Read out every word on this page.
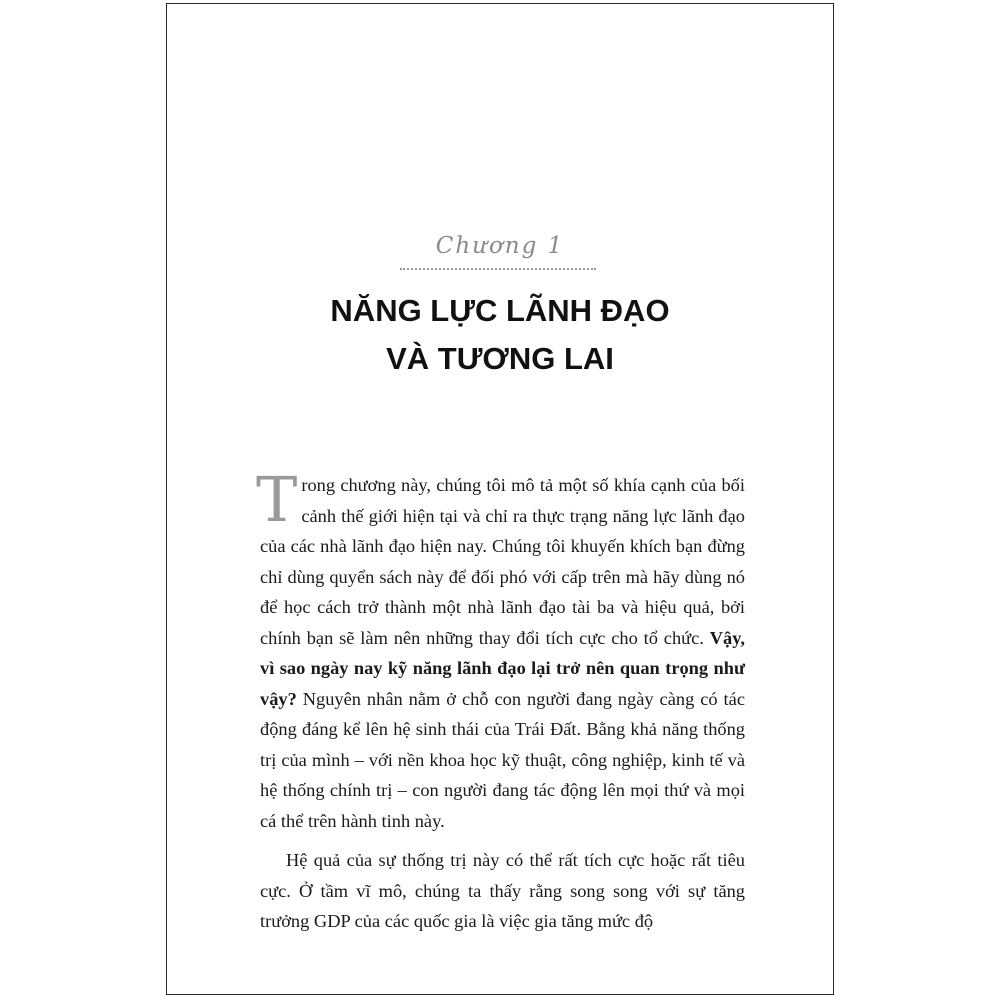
Chương 1
NĂNG LỰC LÃNH ĐẠO
VÀ TƯƠNG LAI

Trong chương này, chúng tôi mô tả một số khía cạnh của bối cảnh thế giới hiện tại và chỉ ra thực trạng năng lực lãnh đạo của các nhà lãnh đạo hiện nay. Chúng tôi khuyến khích bạn đừng chỉ dùng quyển sách này để đối phó với cấp trên mà hãy dùng nó để học cách trở thành một nhà lãnh đạo tài ba và hiệu quả, bởi chính bạn sẽ làm nên những thay đổi tích cực cho tổ chức. Vậy, vì sao ngày nay kỹ năng lãnh đạo lại trở nên quan trọng như vậy? Nguyên nhân nằm ở chỗ con người đang ngày càng có tác động đáng kể lên hệ sinh thái của Trái Đất. Bằng khả năng thống trị của mình – với nền khoa học kỹ thuật, công nghiệp, kinh tế và hệ thống chính trị – con người đang tác động lên mọi thứ và mọi cá thể trên hành tinh này.

Hệ quả của sự thống trị này có thể rất tích cực hoặc rất tiêu cực. Ở tầm vĩ mô, chúng ta thấy rằng song song với sự tăng trưởng GDP của các quốc gia là việc gia tăng mức độ
